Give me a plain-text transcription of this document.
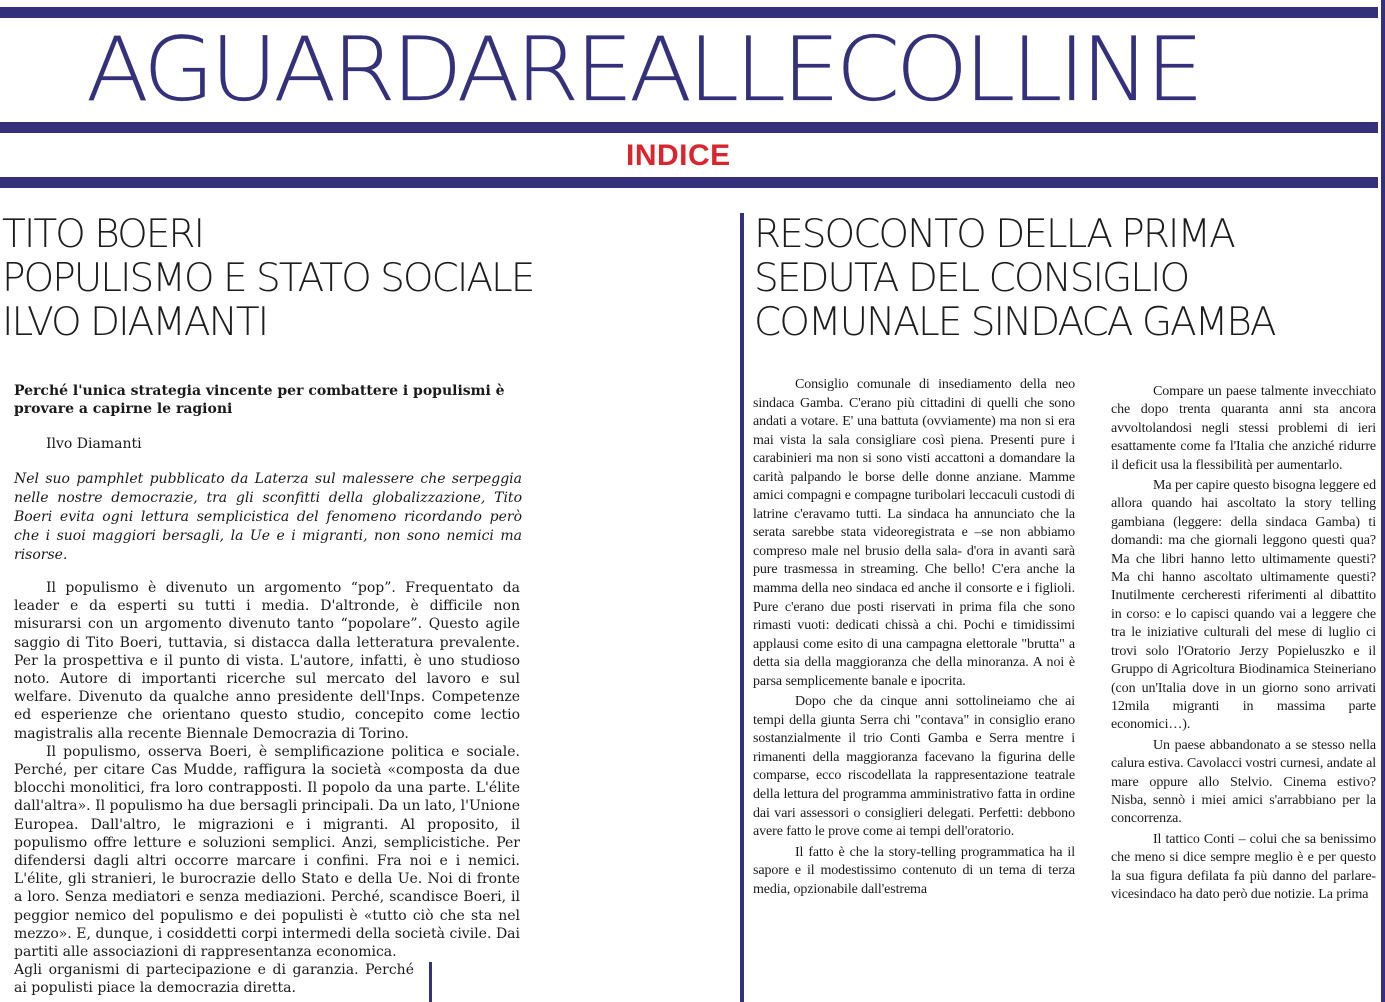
AGUARDAREALLECOLLINE
INDICE
TITO BOERI
POPULISMO E STATO SOCIALE
ILVO DIAMANTI
RESOCONTO DELLA PRIMA
SEDUTA DEL CONSIGLIO
COMUNALE SINDACA GAMBA
Perché l'unica strategia vincente per combattere i populismi è provare a capirne le ragioni
Ilvo Diamanti
Nel suo pamphlet pubblicato da Laterza sul malessere che serpeggia nelle nostre democrazie, tra gli sconfitti della globalizzazione, Tito Boeri evita ogni lettura semplicistica del fenomeno ricordando però che i suoi maggiori bersagli, la Ue e i migranti, non sono nemici ma risorse.

Il populismo è divenuto un argomento “pop”. Frequentato da leader e da esperti su tutti i media. D'altronde, è difficile non misurarsi con un argomento divenuto tanto “popolare”. Questo agile saggio di Tito Boeri, tuttavia, si distacca dalla letteratura prevalente. Per la prospettiva e il punto di vista. L'autore, infatti, è uno studioso noto. Autore di importanti ricerche sul mercato del lavoro e sul welfare. Divenuto da qualche anno presidente dell'Inps. Competenze ed esperienze che orientano questo studio, concepito come lectio magistralis alla recente Biennale Democrazia di Torino.

Il populismo, osserva Boeri, è semplificazione politica e sociale. Perché, per citare Cas Mudde, raffigura la società «composta da due blocchi monolitici, fra loro contrapposti. Il popolo da una parte. L'élite dall'altra». Il populismo ha due bersagli principali. Da un lato, l'Unione Europea. Dall'altro, le migrazioni e i migranti. Al proposito, il populismo offre letture e soluzioni semplici. Anzi, semplicistiche. Per difendersi dagli altri occorre marcare i confini. Fra noi e i nemici. L'élite, gli stranieri, le burocrazie dello Stato e della Ue. Noi di fronte a loro. Senza mediatori e senza mediazioni. Perché, scandisce Boeri, il peggior nemico del populismo e dei populisti è «tutto ciò che sta nel mezzo». E, dunque, i cosiddetti corpi intermedi della società civile. Dai partiti alle associazioni di rappresentanza economica.

Agli organismi di partecipazione e di garanzia. Perché ai populisti piace la democrazia diretta.

Consiglio comunale di insediamento della neo sindaca Gamba. C'erano più cittadini di quelli che sono andati a votare. E' una battuta (ovviamente) ma non si era mai vista la sala consigliare così piena. Presenti pure i carabinieri ma non si sono visti accattoni a domandare la carità palpando le borse delle donne anziane. Mamme amici compagni e compagne turibolari leccaculi custodi di latrine c'eravamo tutti. La sindaca ha annunciato che la serata sarebbe stata videoregistrata e –se non abbiamo compreso male nel brusio della sala- d'ora in avanti sarà pure trasmessa in streaming. Che bello! C'era anche la mamma della neo sindaca ed anche il consorte e i figlioli. Pure c'erano due posti riservati in prima fila che sono rimasti vuoti: dedicati chissà a chi. Pochi e timidissimi applausi come esito di una campagna elettorale "brutta" a detta sia della maggioranza che della minoranza. A noi è parsa semplicemente banale e ipocrita.

Dopo che da cinque anni sottolineiamo che ai tempi della giunta Serra chi "contava" in consiglio erano sostanzialmente il trio Conti Gamba e Serra mentre i rimanenti della maggioranza facevano la figurina delle comparse, ecco riscodellata la rappresentazione teatrale della lettura del programma amministrativo fatta in ordine dai vari assessori o consiglieri delegati. Perfetti: debbono avere fatto le prove come ai tempi dell'oratorio.

Il fatto è che la story-telling programmatica ha il sapore e il modestissimo contenuto di un tema di terza media, opzionabile dall'estrema

Compare un paese talmente invecchiato che dopo trenta quaranta anni sta ancora avvoltolandosi negli stessi problemi di ieri esattamente come fa l'Italia che anziché ridurre il deficit usa la flessibilità per aumentarlo.

Ma per capire questo bisogna leggere ed allora quando hai ascoltato la story telling gambiana (leggere: della sindaca Gamba) ti domandi: ma che giornali leggono questi qua? Ma che libri hanno letto ultimamente questi? Ma chi hanno ascoltato ultimamente questi? Inutilmente cercheresti riferimenti al dibattito in corso: e lo capisci quando vai a leggere che tra le iniziative culturali del mese di luglio ci trovi solo l'Oratorio Jerzy Popieluszko e il Gruppo di Agricoltura Biodinamica Steineriano (con un'Italia dove in un giorno sono arrivati 12mila migranti in massima parte economici…).

Un paese abbandonato a se stesso nella calura estiva. Cavolacci vostri curnesi, andate al mare oppure allo Stelvio. Cinema estivo? Nisba, sennò i miei amici s'arrabbiano per la concorrenza.

Il tattico Conti – colui che sa benissimo che meno si dice sempre meglio è e per questo la sua figura defilata fa più danno del parlare- vicesindaco ha dato però due notizie. La prima
